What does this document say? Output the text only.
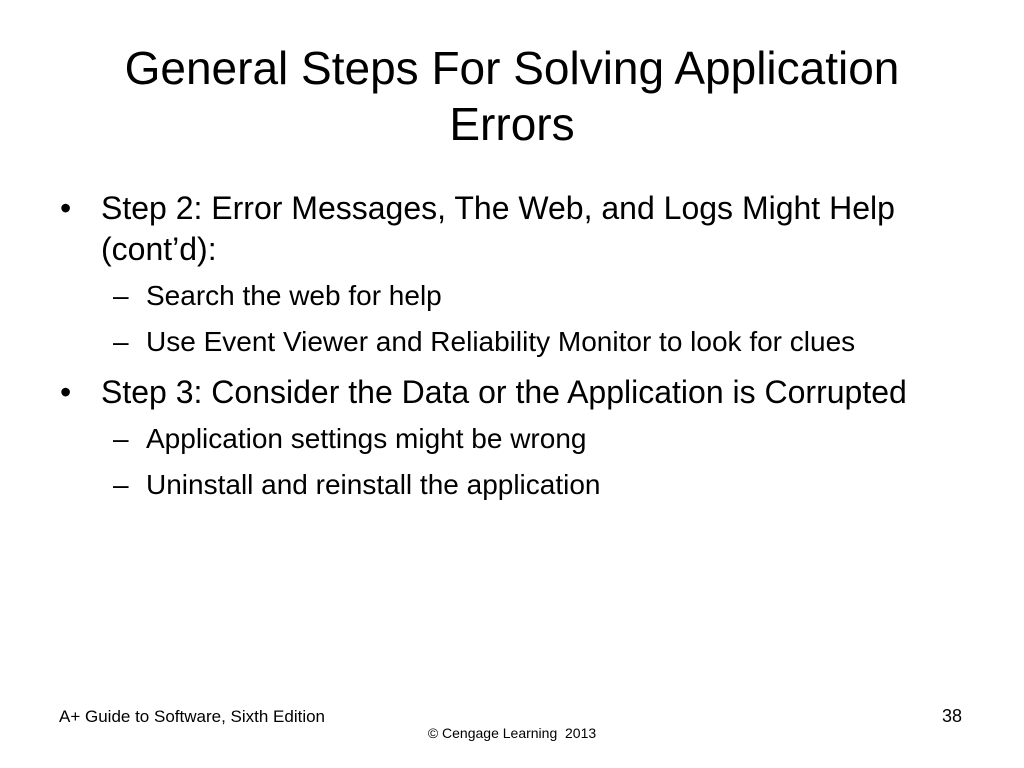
General Steps For Solving Application
Errors
• Step 2: Error Messages, The Web, and Logs Might Help (cont’d):
– Search the web for help
– Use Event Viewer and Reliability Monitor to look for clues
• Step 3: Consider the Data or the Application is Corrupted
– Application settings might be wrong
– Uninstall and reinstall the application
A+ Guide to Software, Sixth Edition
© Cengage Learning  2013
38
